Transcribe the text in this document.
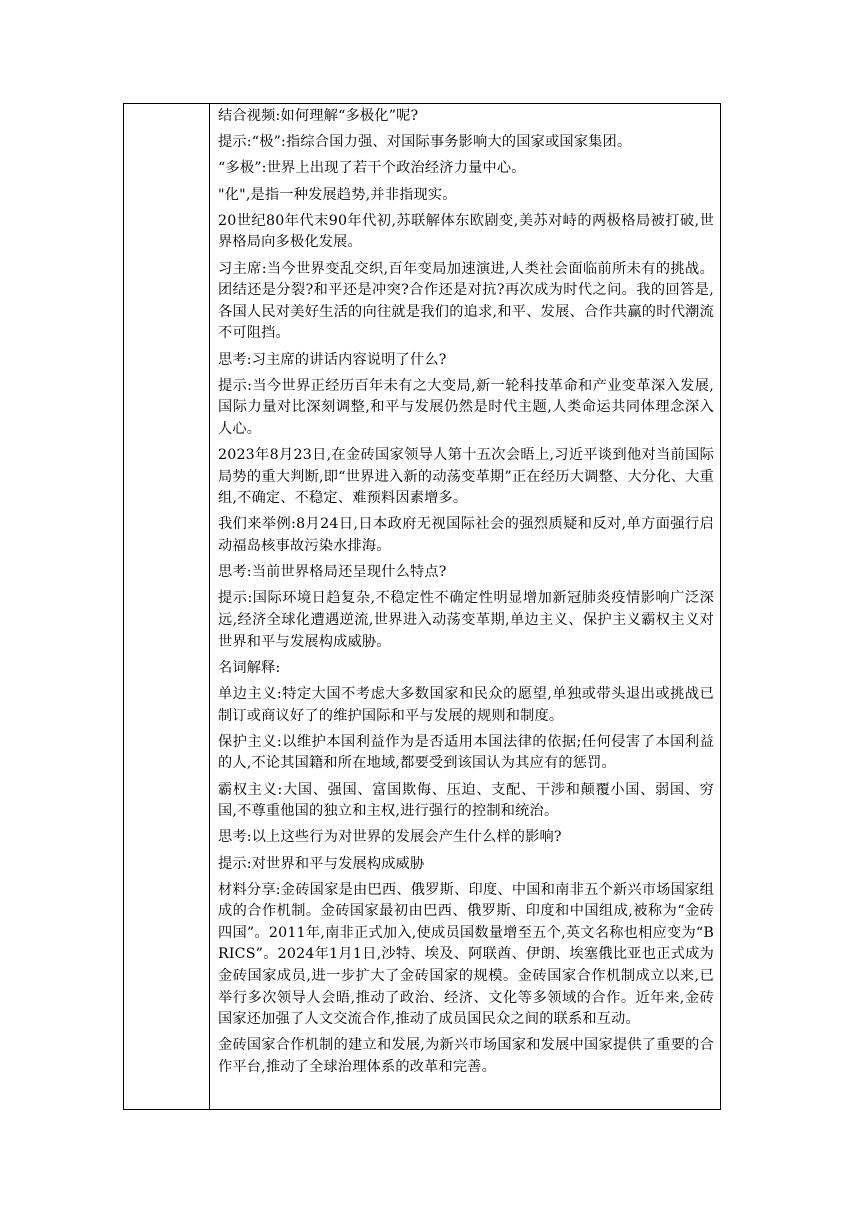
结合视频:如何理解“多极化”呢?

提示:“极”:指综合国力强、对国际事务影响大的国家或国家集团。

“多极”:世界上出现了若干个政治经济力量中心。

"化",是指一种发展趋势,并非指现实。

20世纪80年代末90年代初,苏联解体东欧剧变,美苏对峙的两极格局被打破,世界格局向多极化发展。

习主席:当今世界变乱交织,百年变局加速演进,人类社会面临前所未有的挑战。团结还是分裂?和平还是冲突?合作还是对抗?再次成为时代之问。我的回答是,各国人民对美好生活的向往就是我们的追求,和平、发展、合作共赢的时代潮流不可阻挡。

思考:习主席的讲话内容说明了什么?

提示:当今世界正经历百年未有之大变局,新一轮科技革命和产业变革深入发展,国际力量对比深刻调整,和平与发展仍然是时代主题,人类命运共同体理念深入人心。

2023年8月23日,在金砖国家领导人第十五次会晤上,习近平谈到他对当前国际局势的重大判断,即“世界进入新的动荡变革期”正在经历大调整、大分化、大重组,不确定、不稳定、难预料因素增多。

我们来举例:8月24日,日本政府无视国际社会的强烈质疑和反对,单方面强行启动福岛核事故污染水排海。

思考:当前世界格局还呈现什么特点?

提示:国际环境日趋复杂,不稳定性不确定性明显增加新冠肺炎疫情影响广泛深远,经济全球化遭遇逆流,世界进入动荡变革期,单边主义、保护主义霸权主义对世界和平与发展构成威胁。

名词解释:

单边主义:特定大国不考虑大多数国家和民众的愿望,单独或带头退出或挑战已制订或商议好了的维护国际和平与发展的规则和制度。

保护主义:以维护本国利益作为是否适用本国法律的依据;任何侵害了本国利益的人,不论其国籍和所在地域,都要受到该国认为其应有的惩罚。

霸权主义:大国、强国、富国欺侮、压迫、支配、干涉和颠覆小国、弱国、穷国,不尊重他国的独立和主权,进行强行的控制和统治。

思考:以上这些行为对世界的发展会产生什么样的影响?

提示:对世界和平与发展构成威胁

材料分享:金砖国家是由巴西、俄罗斯、印度、中国和南非五个新兴市场国家组成的合作机制。金砖国家最初由巴西、俄罗斯、印度和中国组成,被称为“金砖四国”。2011年,南非正式加入,使成员国数量增至五个,英文名称也相应变为“BRICS”。2024年1月1日,沙特、埃及、阿联酋、伊朗、埃塞俄比亚也正式成为金砖国家成员,进一步扩大了金砖国家的规模。金砖国家合作机制成立以来,已举行多次领导人会晤,推动了政治、经济、文化等多领域的合作。近年来,金砖国家还加强了人文交流合作,推动了成员国民众之间的联系和互动。

金砖国家合作机制的建立和发展,为新兴市场国家和发展中国家提供了重要的合作平台,推动了全球治理体系的改革和完善。
